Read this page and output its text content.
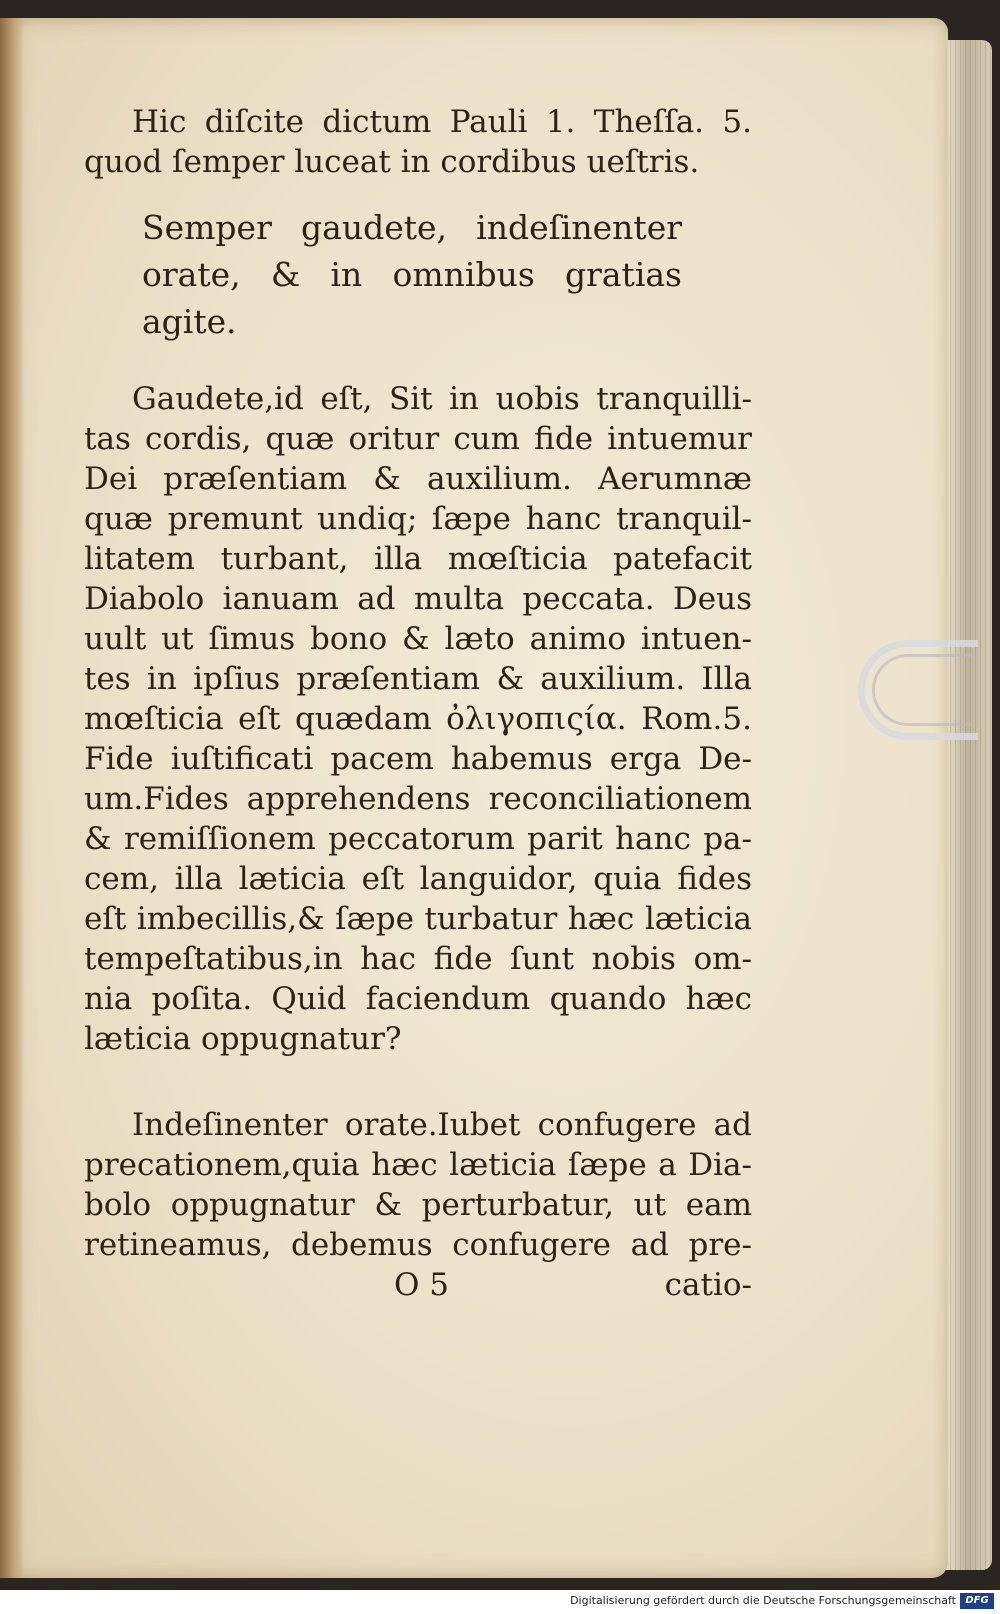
Hic diſcite dictum Pauli 1. Theſſa. 5.
quod ſemper luceat in cordibus ueſtris.
Semper gaudete, indeſinenter
orate, & in omnibus gratias
agite.
Gaudete,id eſt, Sit in uobis tranquilli-
tas cordis, quæ oritur cum fide intuemur
Dei præſentiam & auxilium. Aerumnæ
quæ premunt undiq; ſæpe hanc tranquil-
litatem turbant, illa mœſticia patefacit
Diabolo ianuam ad multa peccata. Deus
uult ut ſimus bono & læto animo intuen-
tes in ipſius præſentiam & auxilium. Illa
mœſticia eſt quædam ὀλιγοπιςία. Rom.5.
Fide iuſtificati pacem habemus erga De-
um.Fides apprehendens reconciliationem
& remiſſionem peccatorum parit hanc pa-
cem, illa læticia eſt languidor, quia fides
eſt imbecillis,& ſæpe turbatur hæc læticia
tempeſtatibus,in hac fide ſunt nobis om-
nia poſita. Quid faciendum quando hæc
læticia oppugnatur?
Indeſinenter orate.Iubet confugere ad
precationem,quia hæc læticia ſæpe a Dia-
bolo oppugnatur & perturbatur, ut eam
retineamus, debemus confugere ad pre-
O 5	catio-
Digitalisierung gefördert durch die Deutsche Forschungsgemeinschaft DFG
